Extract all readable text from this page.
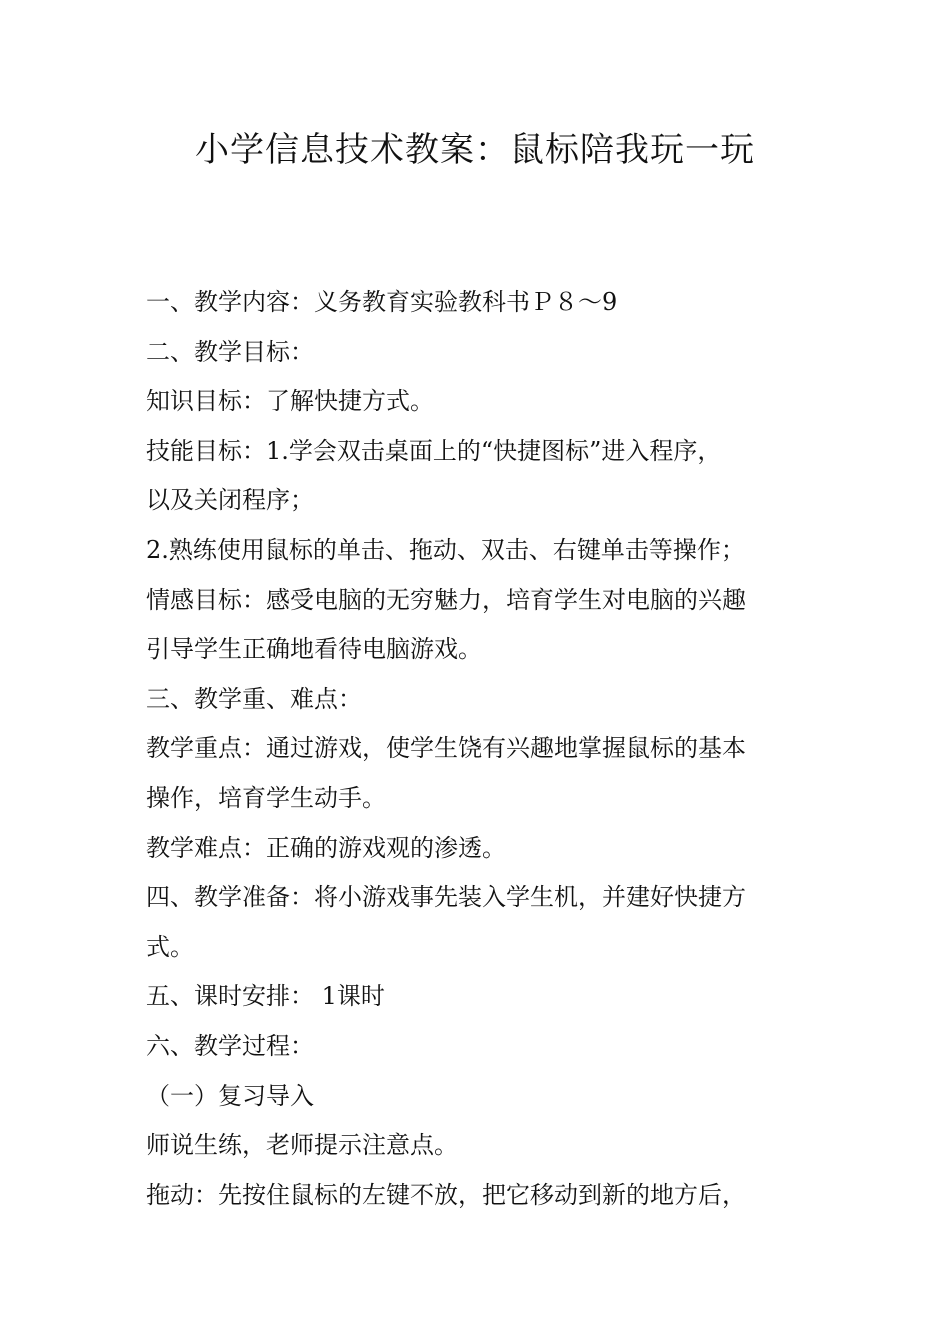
小学信息技术教案：鼠标陪我玩一玩
一、教学内容：义务教育实验教科书Ｐ８～9
二、教学目标：
知识目标：了解快捷方式。
技能目标：1.学会双击桌面上的“快捷图标”进入程序，
以及关闭程序；
2.熟练使用鼠标的单击、拖动、双击、右键单击等操作；
情感目标：感受电脑的无穷魅力，培育学生对电脑的兴趣
引导学生正确地看待电脑游戏。
三、教学重、难点：
教学重点：通过游戏，使学生饶有兴趣地掌握鼠标的基本
操作，培育学生动手。
教学难点：正确的游戏观的渗透。
四、教学准备：将小游戏事先装入学生机，并建好快捷方
式。
五、课时安排： 1课时
六、教学过程：
（一）复习导入
师说生练，老师提示注意点。
拖动：先按住鼠标的左键不放，把它移动到新的地方后，
